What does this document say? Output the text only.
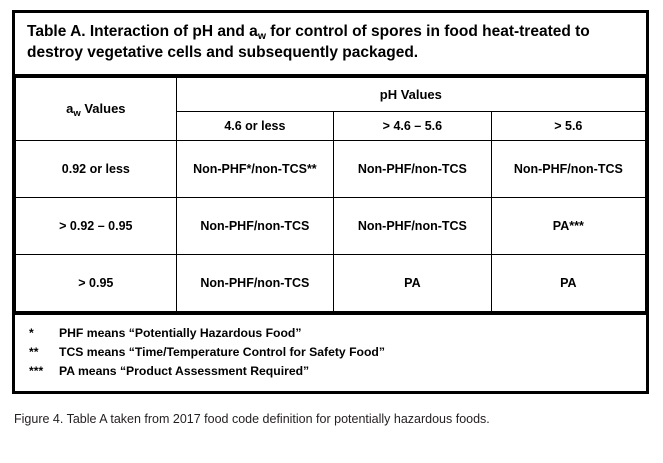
Table A. Interaction of pH and $a_w$ for control of spores in food heat-treated to destroy vegetative cells and subsequently packaged.
$a_w$ Values	pH Values		
	4.6 or less	> 4.6 – 5.6	> 5.6
0.92 or less	Non-PHF*/non-TCS**	Non-PHF/non-TCS	Non-PHF/non-TCS
> 0.92 – 0.95	Non-PHF/non-TCS	Non-PHF/non-TCS	PA***
> 0.95	Non-PHF/non-TCS	PA	PA
*	PHF means “Potentially Hazardous Food”
**	TCS means “Time/Temperature Control for Safety Food”
***	PA means “Product Assessment Required”
Figure 4. Table A taken from 2017 food code definition for potentially hazardous foods.
